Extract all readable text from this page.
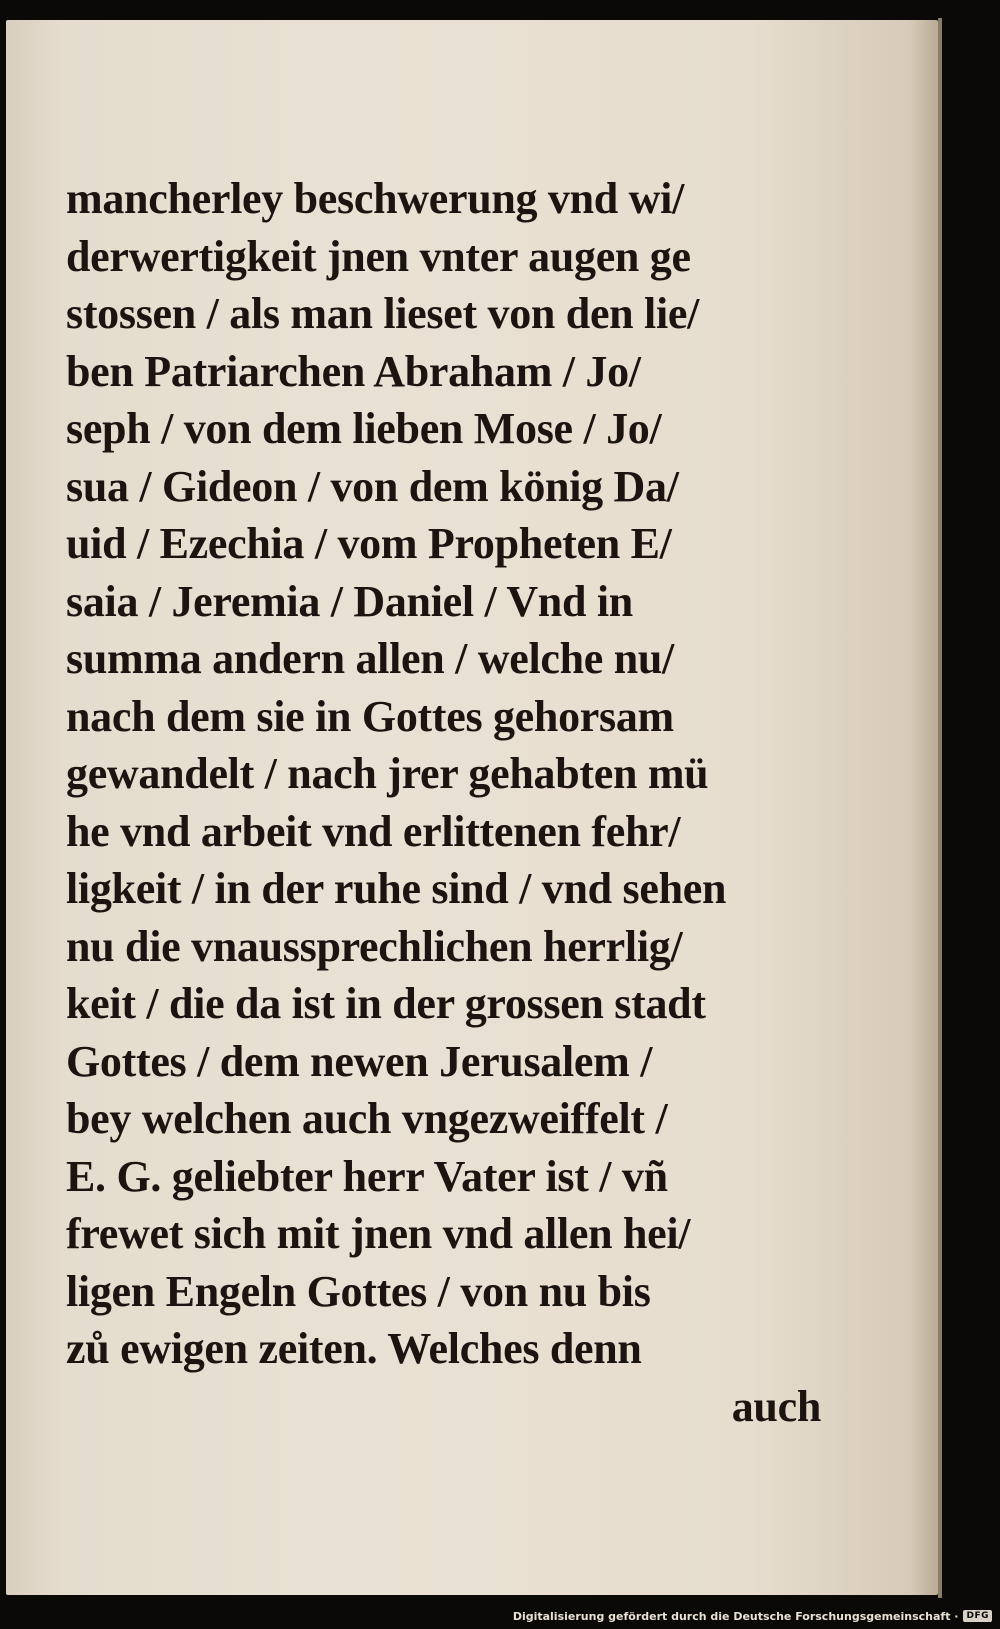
mancherley beschwerung vnd wi/
derwertigkeit jnen vnter augen ge
stossen / als man lieset von den lie/
ben Patriarchen Abraham / Jo/
seph / von dem lieben Mose / Jo/
sua / Gideon / von dem könig Da/
uid / Ezechia / vom Propheten E/
saia / Jeremia / Daniel / Vnd in
summa andern allen / welche nu/
nach dem sie in Gottes gehorsam
gewandelt / nach jrer gehabten mü
he vnd arbeit vnd erlittenen fehr/
ligkeit / in der ruhe sind / vnd sehen
nu die vnaussprechlichen herrlig/
keit / die da ist in der grossen stadt
Gottes / dem newen Jerusalem /
bey welchen auch vngezweiffelt /
E. G. geliebter herr Vater ist / vñ
frewet sich mit jnen vnd allen hei/
ligen Engeln Gottes / von nu bis
zů ewigen zeiten. Welches denn
auch
Digitalisierung gefördert durch die Deutsche Forschungsgemeinschaft · DFG
